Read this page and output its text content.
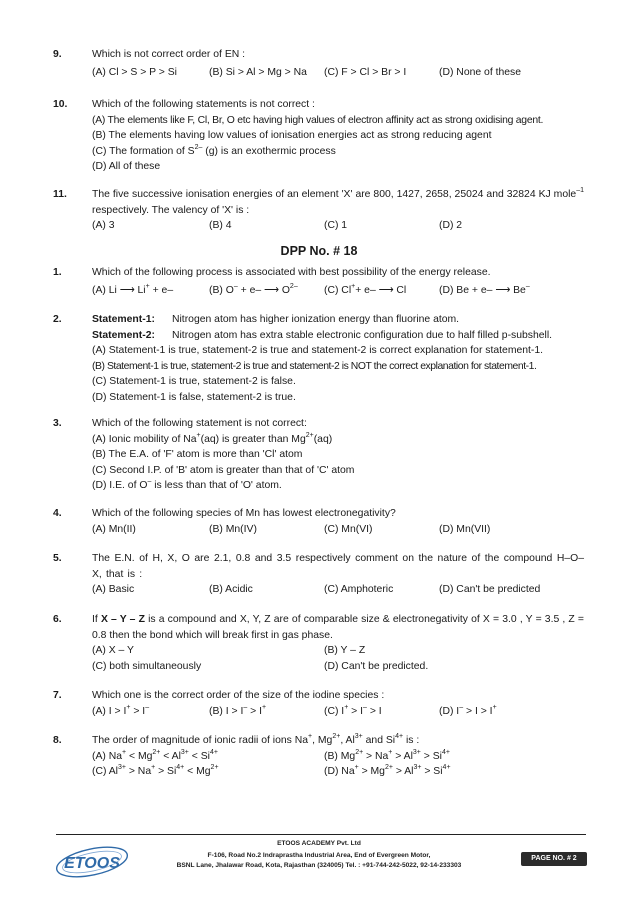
9.	Which is not correct order of EN :
(A) Cl > S > P > Si	(B) Si > Al > Mg > Na (C) F > Cl > Br > I	(D) None of these
10. Which of the following statements is not correct :
(A) The elements like F, Cl, Br, O etc having high values of electron affinity act as strong oxidising agent.
(B) The elements having low values of ionisation energies act as strong reducing agent
(C) The formation of $S^{2-}$ (g) is an exothermic process
(D) All of these
11. The five successive ionisation energies of an element 'X' are 800, 1427, 2658, 25024 and 32824 KJ mole$^{-1}$ respectively. The valency of 'X' is :
(A) 3	(B) 4	(C) 1	(D) 2
DPP No. # 18
1.	Which of the following process is associated with best possibility of the energy release.
(A) Li ⟶ Li+ + e–	(B) O– + e– ⟶ $O^{2-}$	(C) Cl++ e– ⟶ Cl	(D) Be + e– ⟶ Be–
2.	Statement-1: Nitrogen atom has higher ionization energy than fluorine atom.
Statement-2: Nitrogen atom has extra stable electronic configuration due to half filled p-subshell.
(A) Statement-1 is true, statement-2 is true and statement-2 is correct explanation for statement-1.
(B) Statement-1 is true, statement-2 is true and statement-2 is NOT the correct explanation for statement-1.
(C) Statement-1 is true, statement-2 is false.
(D) Statement-1 is false, statement-2 is true.
3.	Which of the following statement is not correct:
(A) Ionic mobility of Na+(aq) is greater than $Mg^{2+}(aq)$
(B) The E.A. of 'F' atom is more than 'Cl' atom
(C) Second I.P. of 'B' atom is greater than that of 'C' atom
(D) I.E. of O– is less than that of 'O' atom.
4.	Which of the following species of Mn has lowest electronegativity?
(A) Mn(II)	(B) Mn(IV)	(C) Mn(VI)	(D) Mn(VII)
5.	The E.N. of H, X, O are 2.1, 0.8 and 3.5 respectively comment on the nature of the compound H–O–X, that is :
(A) Basic	(B) Acidic	(C) Amphoteric	(D) Can't be predicted
6.	If X – Y – Z is a compound and X, Y, Z are of comparable size & electronegativity of X = 3.0 , Y = 3.5 , Z = 0.8 then the bond which will break first in gas phase.
(A) X – Y	(B) Y – Z
(C) both simultaneously	(D) Can't be predicted.
7.	Which one is the correct order of the size of the iodine species :
(A) I > I+ > I–	(B) I > I– > I+	(C) I+ > I– > I	(D) I– > I > I+
8.	The order of magnitude of ionic radii of ions Na+, $Mg^{2+}$, $Al^{3+}$ and $Si^{4+}$ is :
(A) $Na^+ < Mg^{2+} < Al^{3+} < Si^{4+}$	(B) $Mg^{2+} > Na^+ > Al^{3+} > Si^{4+}$
(C) $Al^{3+} > Na^+ > Si^{4+} < Mg^{2+}$	(D) $Na^+ > Mg^{2+} > Al^{3+} > Si^{4+}$
ETOOS
ETOOS ACADEMY Pvt. Ltd
F-106, Road No.2 Indraprastha Industrial Area, End of Evergreen Motor,
BSNL Lane, Jhalawar Road, Kota, Rajasthan (324005) Tel. : +91-744-242-5022, 92-14-233303
PAGE NO. # 2
